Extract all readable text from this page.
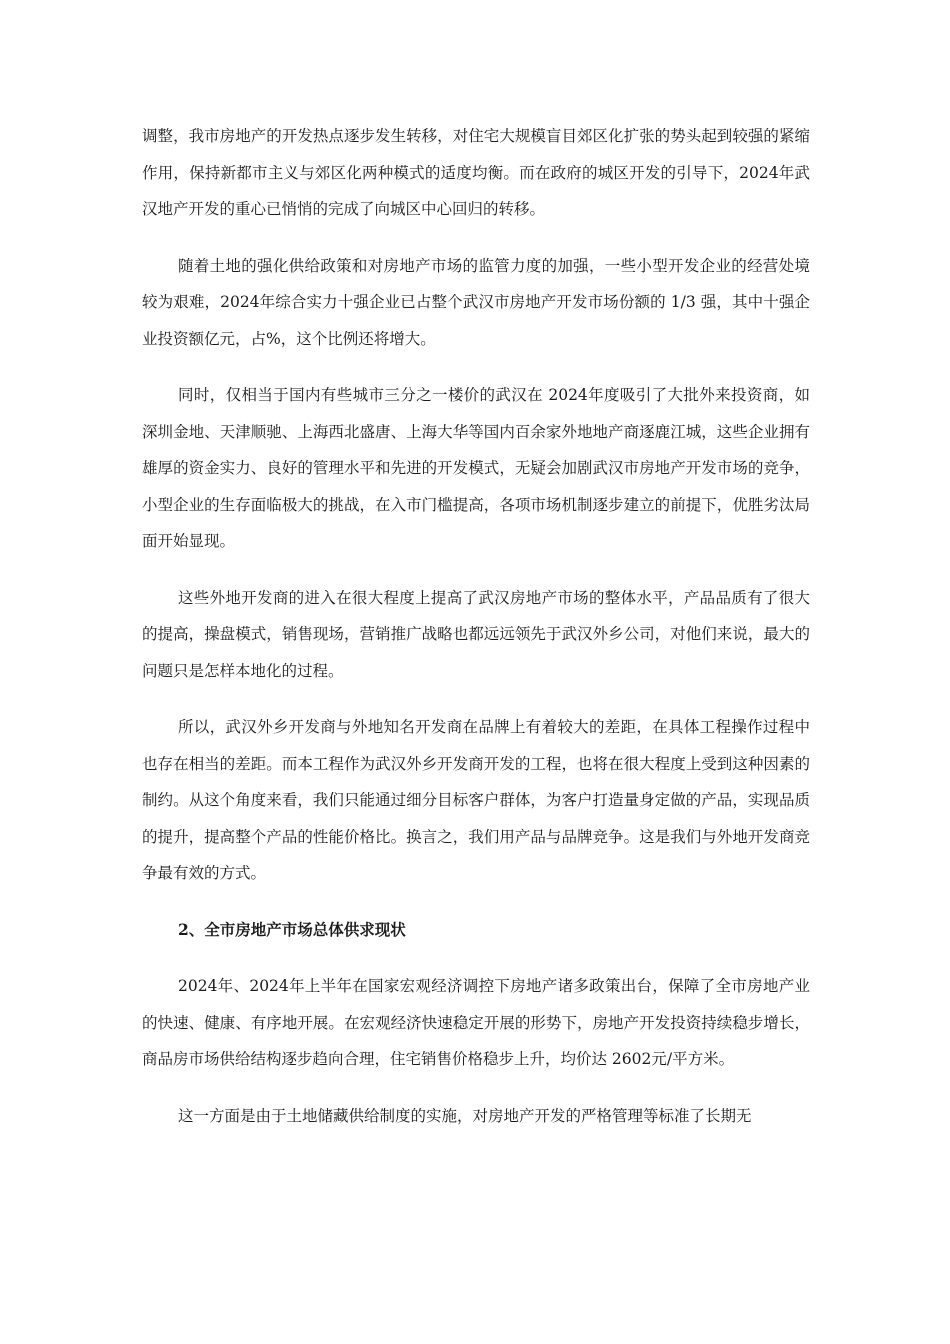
调整，我市房地产的开发热点逐步发生转移，对住宅大规模盲目郊区化扩张的势头起到较强的紧缩作用，保持新都市主义与郊区化两种模式的适度均衡。而在政府的城区开发的引导下，2024年武汉地产开发的重心已悄悄的完成了向城区中心回归的转移。

随着土地的强化供给政策和对房地产市场的监管力度的加强，一些小型开发企业的经营处境较为艰难，2024年综合实力十强企业已占整个武汉市房地产开发市场份额的 1/3 强，其中十强企业投资额亿元，占%，这个比例还将增大。

同时，仅相当于国内有些城市三分之一楼价的武汉在 2024年度吸引了大批外来投资商，如深圳金地、天津顺驰、上海西北盛唐、上海大华等国内百余家外地地产商逐鹿江城，这些企业拥有雄厚的资金实力、良好的管理水平和先进的开发模式，无疑会加剧武汉市房地产开发市场的竞争，小型企业的生存面临极大的挑战，在入市门槛提高，各项市场机制逐步建立的前提下，优胜劣汰局面开始显现。

这些外地开发商的进入在很大程度上提高了武汉房地产市场的整体水平，产品品质有了很大的提高，操盘模式，销售现场，营销推广战略也都远远领先于武汉外乡公司，对他们来说，最大的问题只是怎样本地化的过程。

所以，武汉外乡开发商与外地知名开发商在品牌上有着较大的差距，在具体工程操作过程中也存在相当的差距。而本工程作为武汉外乡开发商开发的工程，也将在很大程度上受到这种因素的制约。从这个角度来看，我们只能通过细分目标客户群体，为客户打造量身定做的产品，实现品质的提升，提高整个产品的性能价格比。换言之，我们用产品与品牌竞争。这是我们与外地开发商竞争最有效的方式。

2、全市房地产市场总体供求现状

2024年、2024年上半年在国家宏观经济调控下房地产诸多政策出台，保障了全市房地产业的快速、健康、有序地开展。在宏观经济快速稳定开展的形势下，房地产开发投资持续稳步增长，商品房市场供给结构逐步趋向合理，住宅销售价格稳步上升，均价达 2602元/平方米。

这一方面是由于土地储藏供给制度的实施，对房地产开发的严格管理等标准了长期无
